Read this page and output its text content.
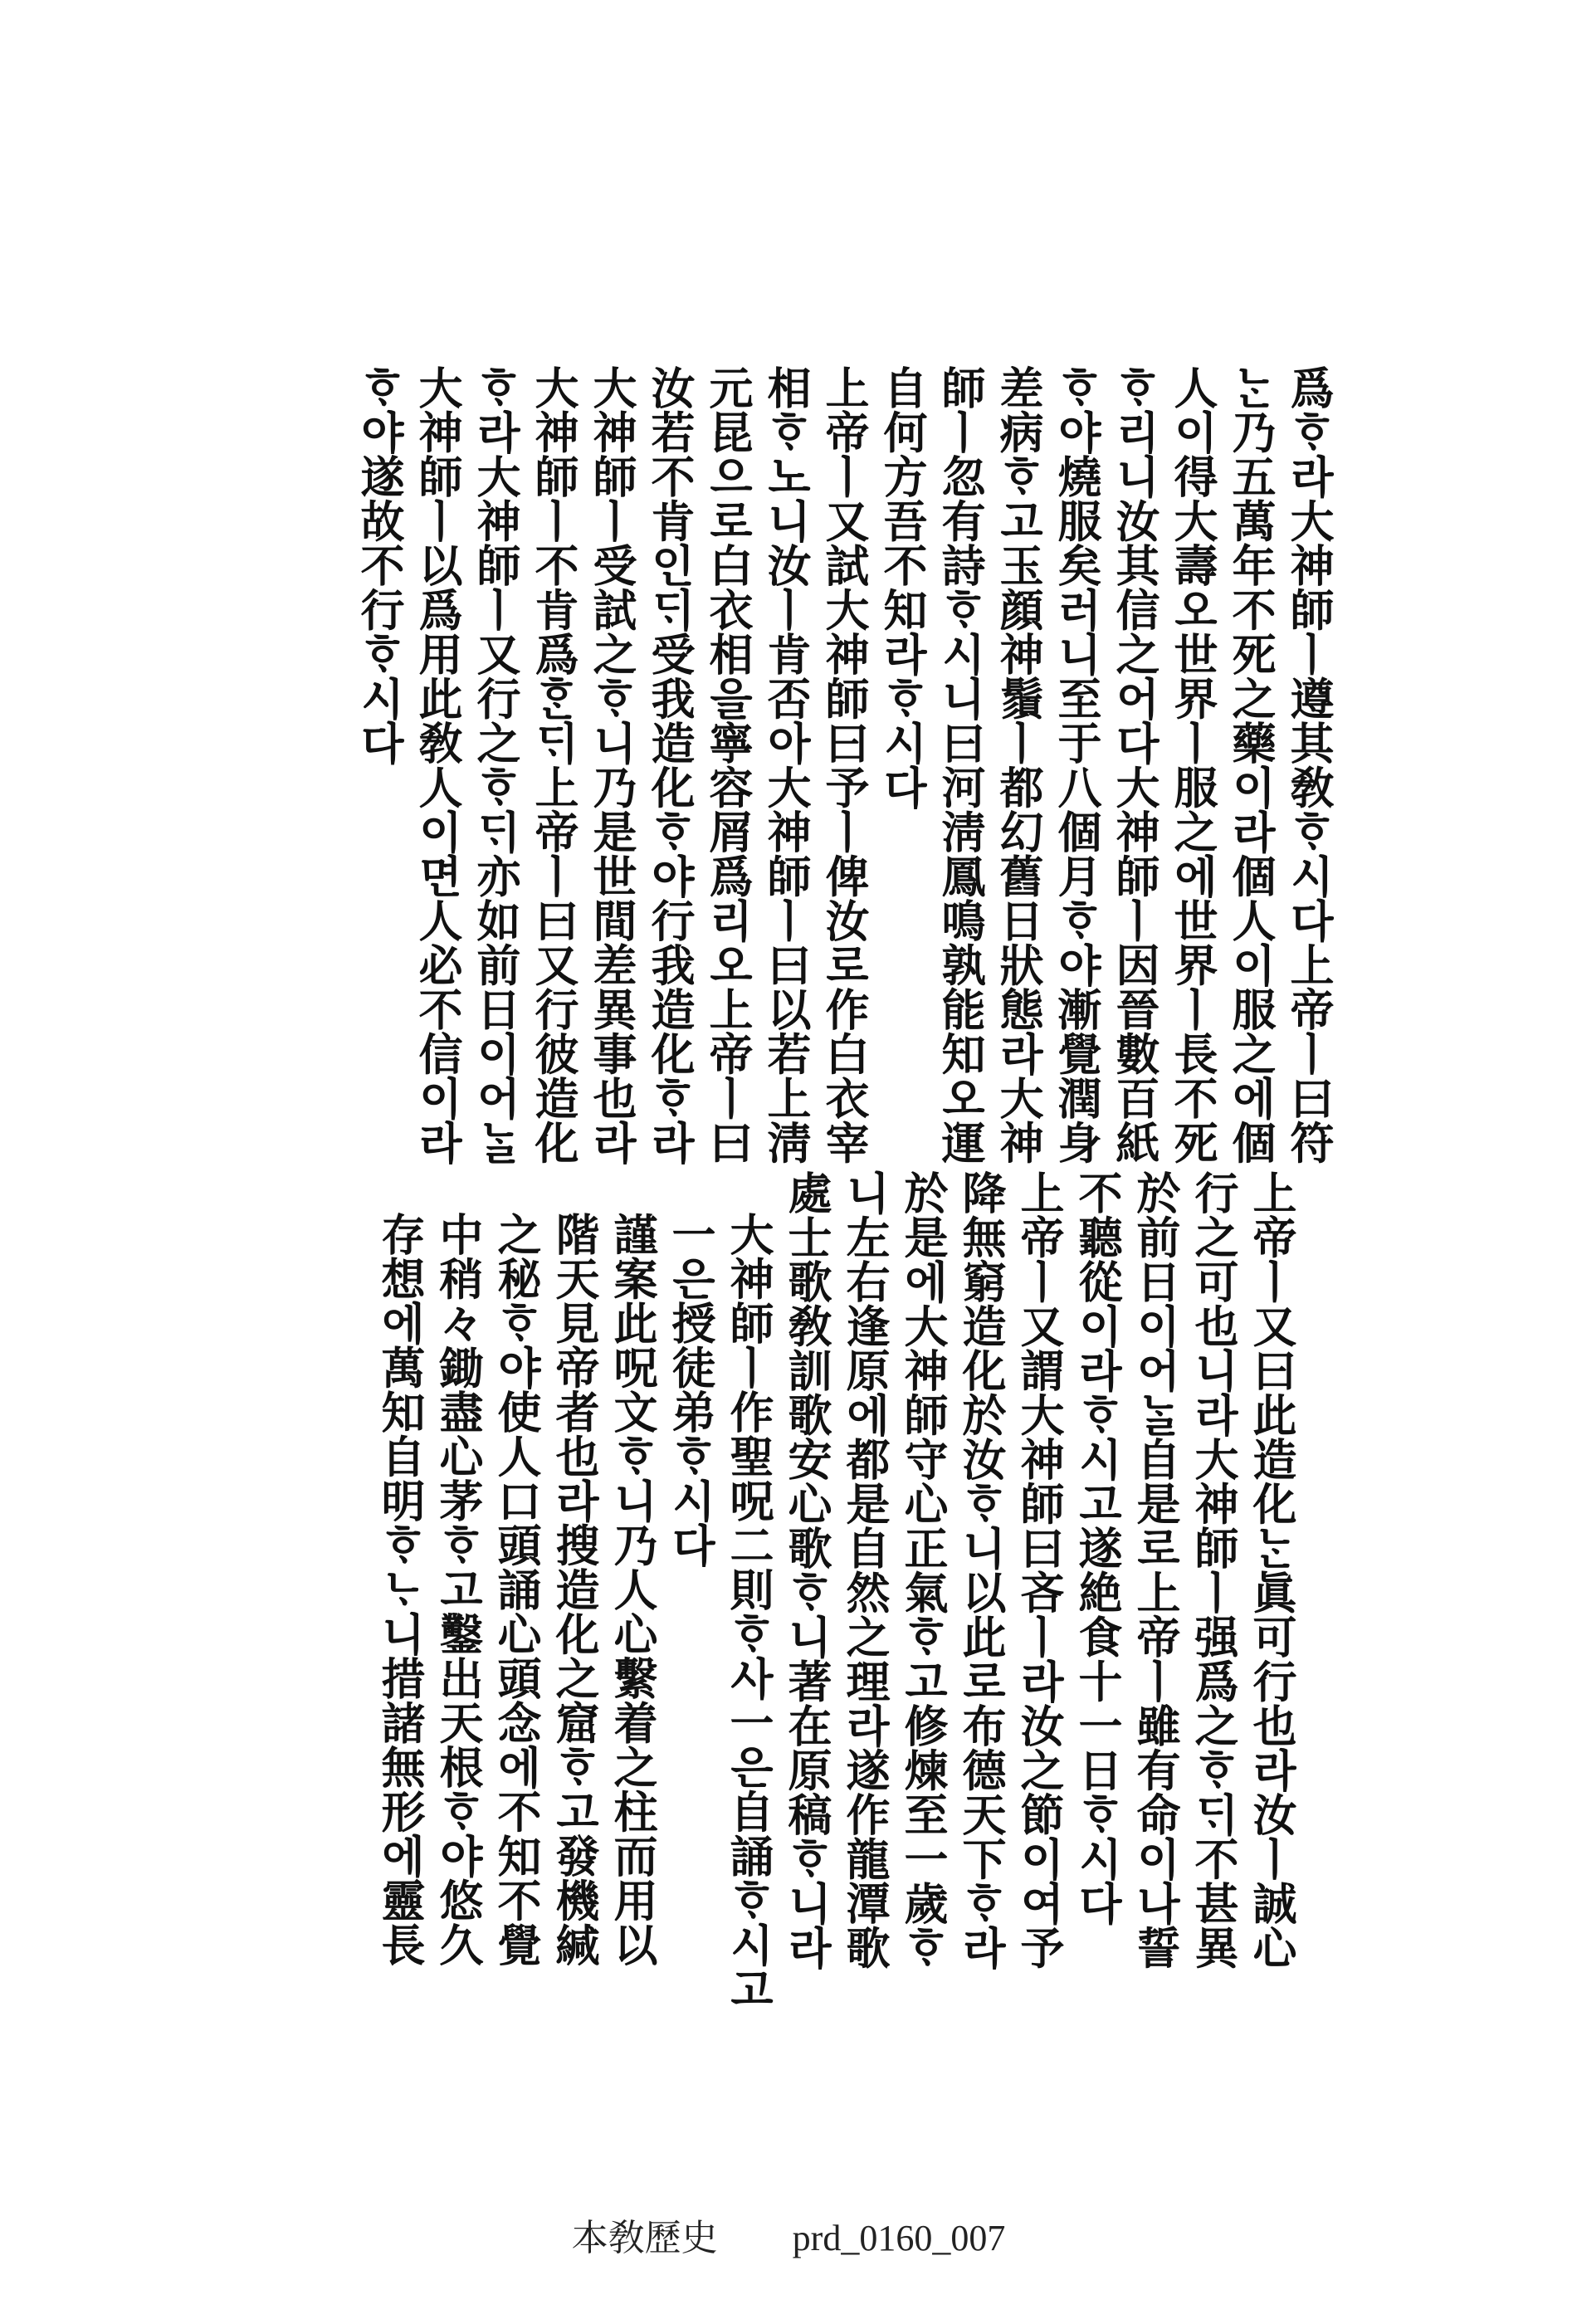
爲ᄒᆞ라大神師ㅣ遵其敎ᄒᆞ시다上帝ㅣ曰符
ᄂᆞᆫ乃五萬年不死之藥이라個人이服之에個
人이得大壽오世界ㅣ服之에世界ㅣ長不死
ᄒᆞ리니汝其信之어다大神師ㅣ因晉數百紙
ᄒᆞ야燒服矣러니至于八個月ᄒᆞ야漸覺潤身
差病ᄒᆞ고玉顔神鬚ㅣ都幻舊日狀態라大神
師ㅣ忽有詩ᄒᆞ시니曰河淸鳳鳴孰能知오運
自何方吾不知라ᄒᆞ시다
上帝ㅣ又試大神師曰予ㅣ俾汝로作白衣宰
相ᄒᆞ노니汝ㅣ肯否아大神師ㅣ曰以若上淸
元昆으로白衣相을寧容屑爲리오上帝ㅣ曰
汝若不肯인ᄃᆡ受我造化ᄒᆞ야行我造化ᄒᆞ라
大神師ㅣ受試之ᄒᆞ니乃是世間差異事也라
大神師ㅣ不肯爲ᄒᆞᆫᄃᆡ上帝ㅣ曰又行彼造化
ᄒᆞ라大神師ㅣ又行之ᄒᆞᄃᆡ亦如前日이어ᄂᆞᆯ
大神師ㅣ以爲用此敎人이면人必不信이라
ᄒᆞ야遂故不行ᄒᆞ시다
上帝ㅣ又曰此造化ᄂᆞᆫ眞可行也라汝ㅣ誠心
行之可也니라大神師ㅣ强爲之ᄒᆞᄃᆡ不甚異
於前日이어ᄂᆞᆯ自是로上帝ㅣ雖有命이나誓
不聽從이라ᄒᆞ시고遂絶食十一日ᄒᆞ시다
上帝ㅣ又謂大神師曰吝ㅣ라汝之節이여予
降無窮造化於汝ᄒᆞ니以此로布德天下ᄒᆞ라
於是에大神師守心正氣ᄒᆞ고修煉至一歲ᄒᆞ
니左右逢原에都是自然之理라遂作龍潭歌
處士歌敎訓歌安心歌ᄒᆞ니著在原稿ᄒᆞ니라
大神師ㅣ作聖呪二則ᄒᆞ사一은自誦ᄒᆞ시고
一은授徒弟ᄒᆞ시다
謹案此呪文ᄒᆞ니乃人心繫着之柱而用以
階天見帝者也라搜造化之窟ᄒᆞ고發機緘
之秘ᄒᆞ야使人口頭誦心頭念에不知不覺
中稍々鋤盡心茅ᄒᆞ고鑿出天根ᄒᆞ야悠久
存想에萬知自明ᄒᆞᄂᆞ니措諸無形에靈長
本敎歷史 prd_0160_007
